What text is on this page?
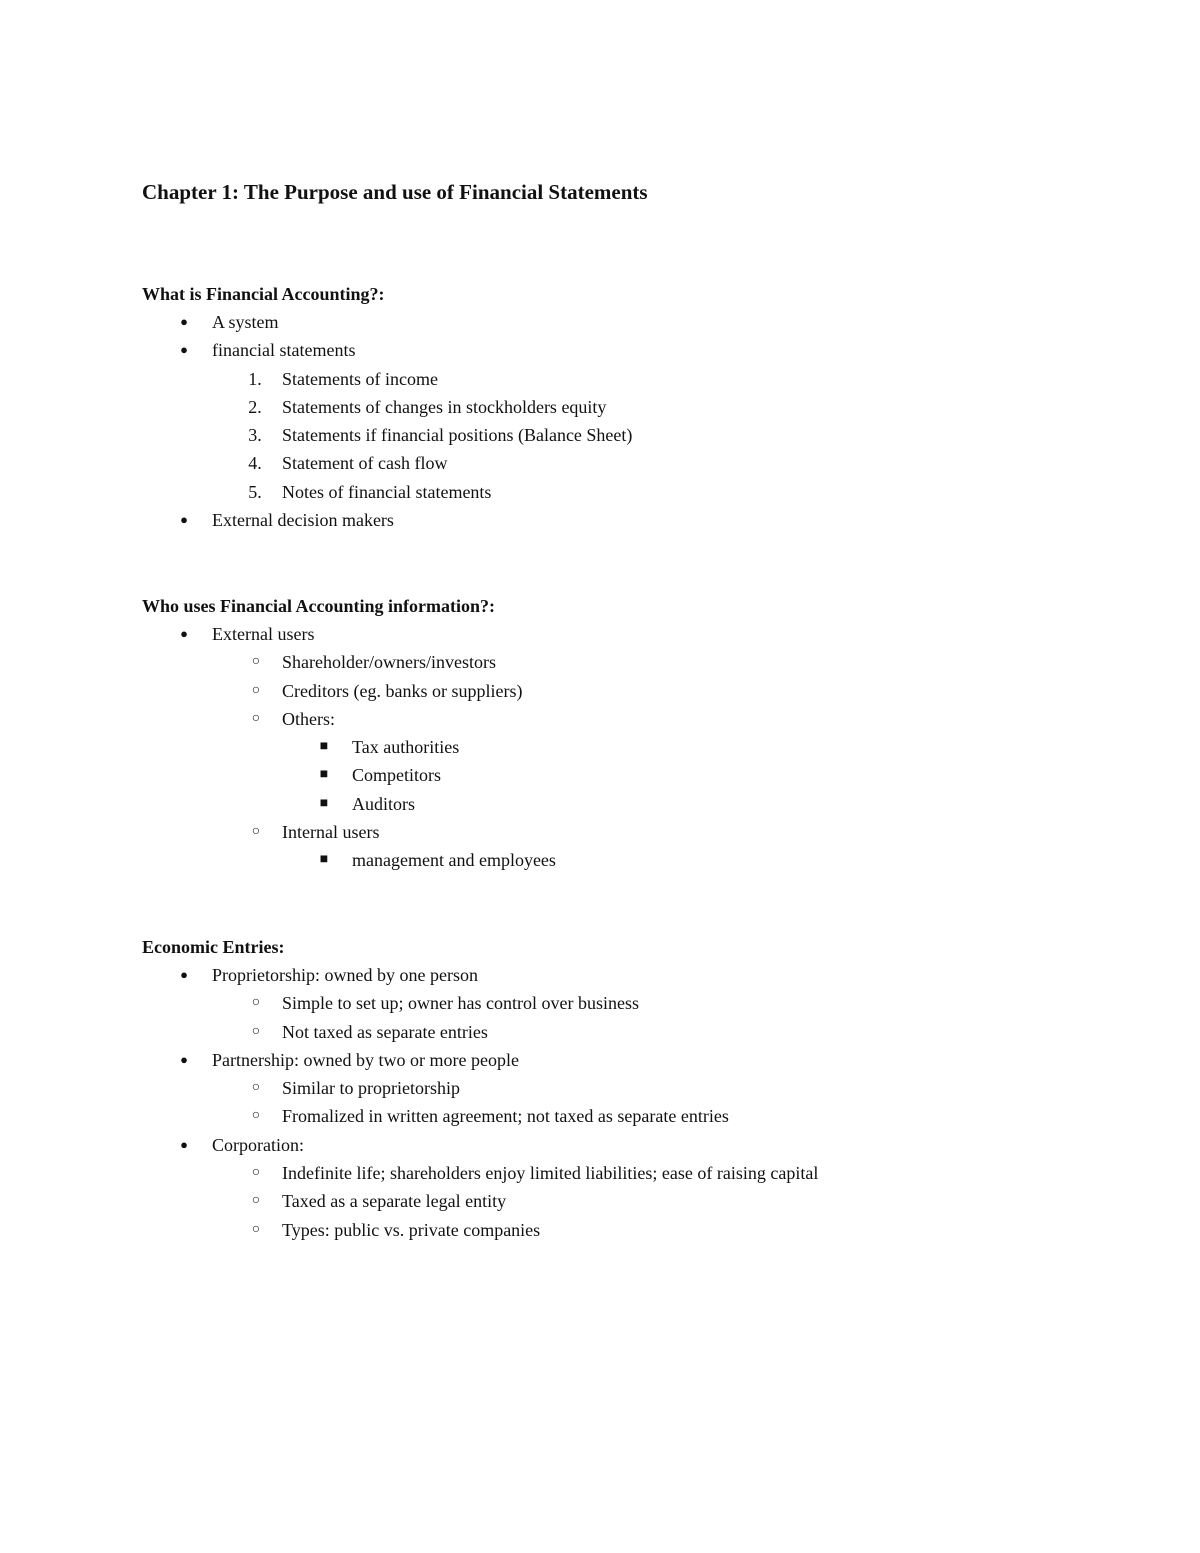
Chapter 1: The Purpose and use of Financial Statements
What is Financial Accounting?:
●	A system
●	financial statements
1.	Statements of income
2.	Statements of changes in stockholders equity
3.	Statements if financial positions (Balance Sheet)
4.	Statement of cash flow
5.	Notes of financial statements
●	External decision makers
Who uses Financial Accounting information?:
●	External users
○	Shareholder/owners/investors
○	Creditors (eg. banks or suppliers)
○	Others:
■	Tax authorities
■	Competitors
■	Auditors
○	Internal users
■	management and employees
Economic Entries:
●	Proprietorship: owned by one person
○	Simple to set up; owner has control over business
○	Not taxed as separate entries
●	Partnership: owned by two or more people
○	Similar to proprietorship
○	Fromalized in written agreement; not taxed as separate entries
●	Corporation:
○	Indefinite life; shareholders enjoy limited liabilities; ease of raising capital
○	Taxed as a separate legal entity
○	Types: public vs. private companies
